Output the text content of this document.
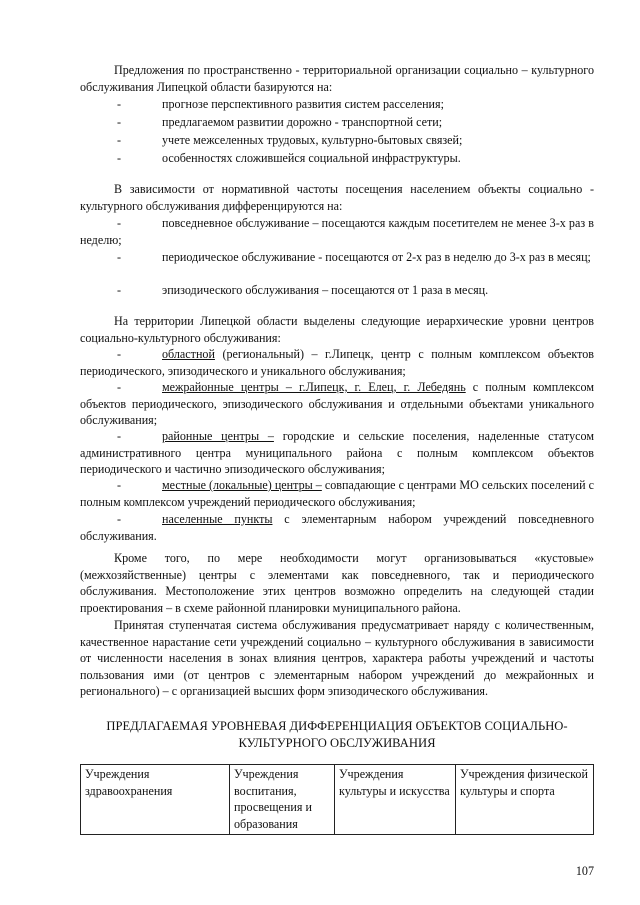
Предложения по пространственно - территориальной организации социально – культурного обслуживания Липецкой области базируются на:

-	прогнозе перспективного развития систем расселения;
-	предлагаемом развитии дорожно - транспортной сети;
-	учете межселенных трудовых, культурно-бытовых связей;
-	особенностях сложившейся социальной инфраструктуры.

В зависимости от нормативной частоты посещения населением объекты социально - культурного обслуживания дифференцируются на:

-	повседневное обслуживание – посещаются каждым посетителем не менее 3-х раз в неделю;
-	периодическое обслуживание - посещаются от 2-х раз в неделю до 3-х раз в месяц;
-	эпизодического обслуживания – посещаются от 1 раза в месяц.

На территории Липецкой области выделены следующие иерархические уровни центров социально-культурного обслуживания:

-	областной (региональный) – г.Липецк, центр с полным комплексом объектов периодического, эпизодического и уникального обслуживания;
-	межрайонные центры – г.Липецк, г. Елец, г. Лебедянь с полным комплексом объектов периодического, эпизодического обслуживания и отдельными объектами уникального обслуживания;
-	районные центры – городские и сельские поселения, наделенные статусом административного центра муниципального района с полным комплексом объектов периодического и частично эпизодического обслуживания;
-	местные (локальные) центры – совпадающие с центрами МО сельских поселений с полным комплексом учреждений периодического обслуживания;
-	населенные пункты с элементарным набором учреждений повседневного обслуживания.

Кроме того, по мере необходимости могут организовываться «кустовые» (межхозяйственные) центры с элементами как повседневного, так и периодического обслуживания. Местоположение этих центров возможно определить на следующей стадии проектирования – в схеме районной планировки муниципального района.

Принятая ступенчатая система обслуживания предусматривает наряду с количественным, качественное нарастание сети учреждений социально – культурного обслуживания в зависимости от численности населения в зонах влияния центров, характера работы учреждений и частоты пользования ими (от центров с элементарным набором учреждений до межрайонных и регионального) – с организацией высших форм эпизодического обслуживания.

ПРЕДЛАГАЕМАЯ УРОВНЕВАЯ ДИФФЕРЕНЦИАЦИЯ ОБЪЕКТОВ СОЦИАЛЬНО-
КУЛЬТУРНОГО ОБСЛУЖИВАНИЯ

Учреждения здравоохранения	Учреждения воспитания, просвещения и образования	Учреждения культуры и искусства	Учреждения физической культуры и спорта
107
